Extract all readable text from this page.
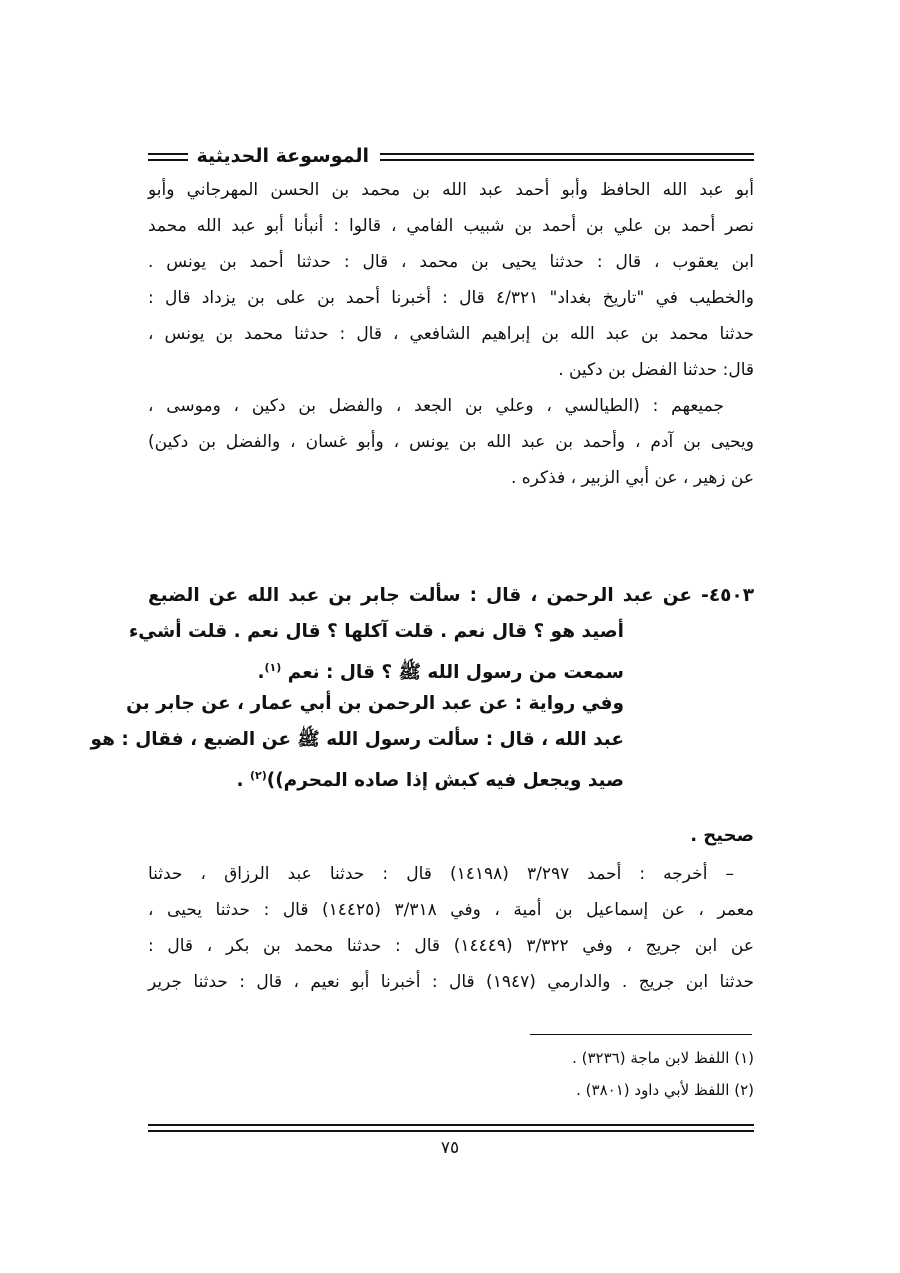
الموسوعة الحديثية
أبو عبد الله الحافظ وأبو أحمد عبد الله بن محمد بن الحسن المهرجاني وأبو
نصر أحمد بن علي بن أحمد بن شبيب الفامي ، قالوا : أنبأنا أبو عبد الله محمد
ابن يعقوب ، قال : حدثنا يحيى بن محمد ، قال : حدثنا أحمد بن يونس .
والخطيب في "تاريخ بغداد" ٤/٣٢١ قال : أخبرنا أحمد بن على بن يزداد قال :
حدثنا محمد بن عبد الله بن إبراهيم الشافعي ، قال : حدثنا محمد بن يونس ،
قال: حدثنا الفضل بن دكين .
جميعهم : (الطيالسي ، وعلي بن الجعد ، والفضل بن دكين ، وموسى ،
ويحيى بن آدم ، وأحمد بن عبد الله بن يونس ، وأبو غسان ، والفضل بن دكين)
عن زهير ، عن أبي الزبير ، فذكره .
٤٥٠٣- عن عبد الرحمن ، قال : سألت جابر بن عبد الله عن الضبع
أصيد هو ؟ قال نعم . قلت آكلها ؟ قال نعم . قلت أشيء
سمعت من رسول الله ﷺ ؟ قال : نعم $^{(١)}$.
وفي رواية : عن عبد الرحمن بن أبي عمار ، عن جابر بن
عبد الله ، قال : سألت رسول الله ﷺ عن الضبع ، فقال : هو
صيد ويجعل فيه كبش إذا صاده المحرم))$^{(٢)}$ .
صحيح .
– أخرجه : أحمد ٣/٢٩٧ (١٤١٩٨) قال : حدثنا عبد الرزاق ، حدثنا
معمر ، عن إسماعيل بن أمية ، وفي ٣/٣١٨ (١٤٤٢٥) قال : حدثنا يحيى ،
عن ابن جريج ، وفي ٣/٣٢٢ (١٤٤٤٩) قال : حدثنا محمد بن بكر ، قال :
حدثنا ابن جريج . والدارمي (١٩٤٧) قال : أخبرنا أبو نعيم ، قال : حدثنا جرير
(١) اللفظ لابن ماجة (٣٢٣٦) .
(٢) اللفظ لأبي داود (٣٨٠١) .
٧٥
